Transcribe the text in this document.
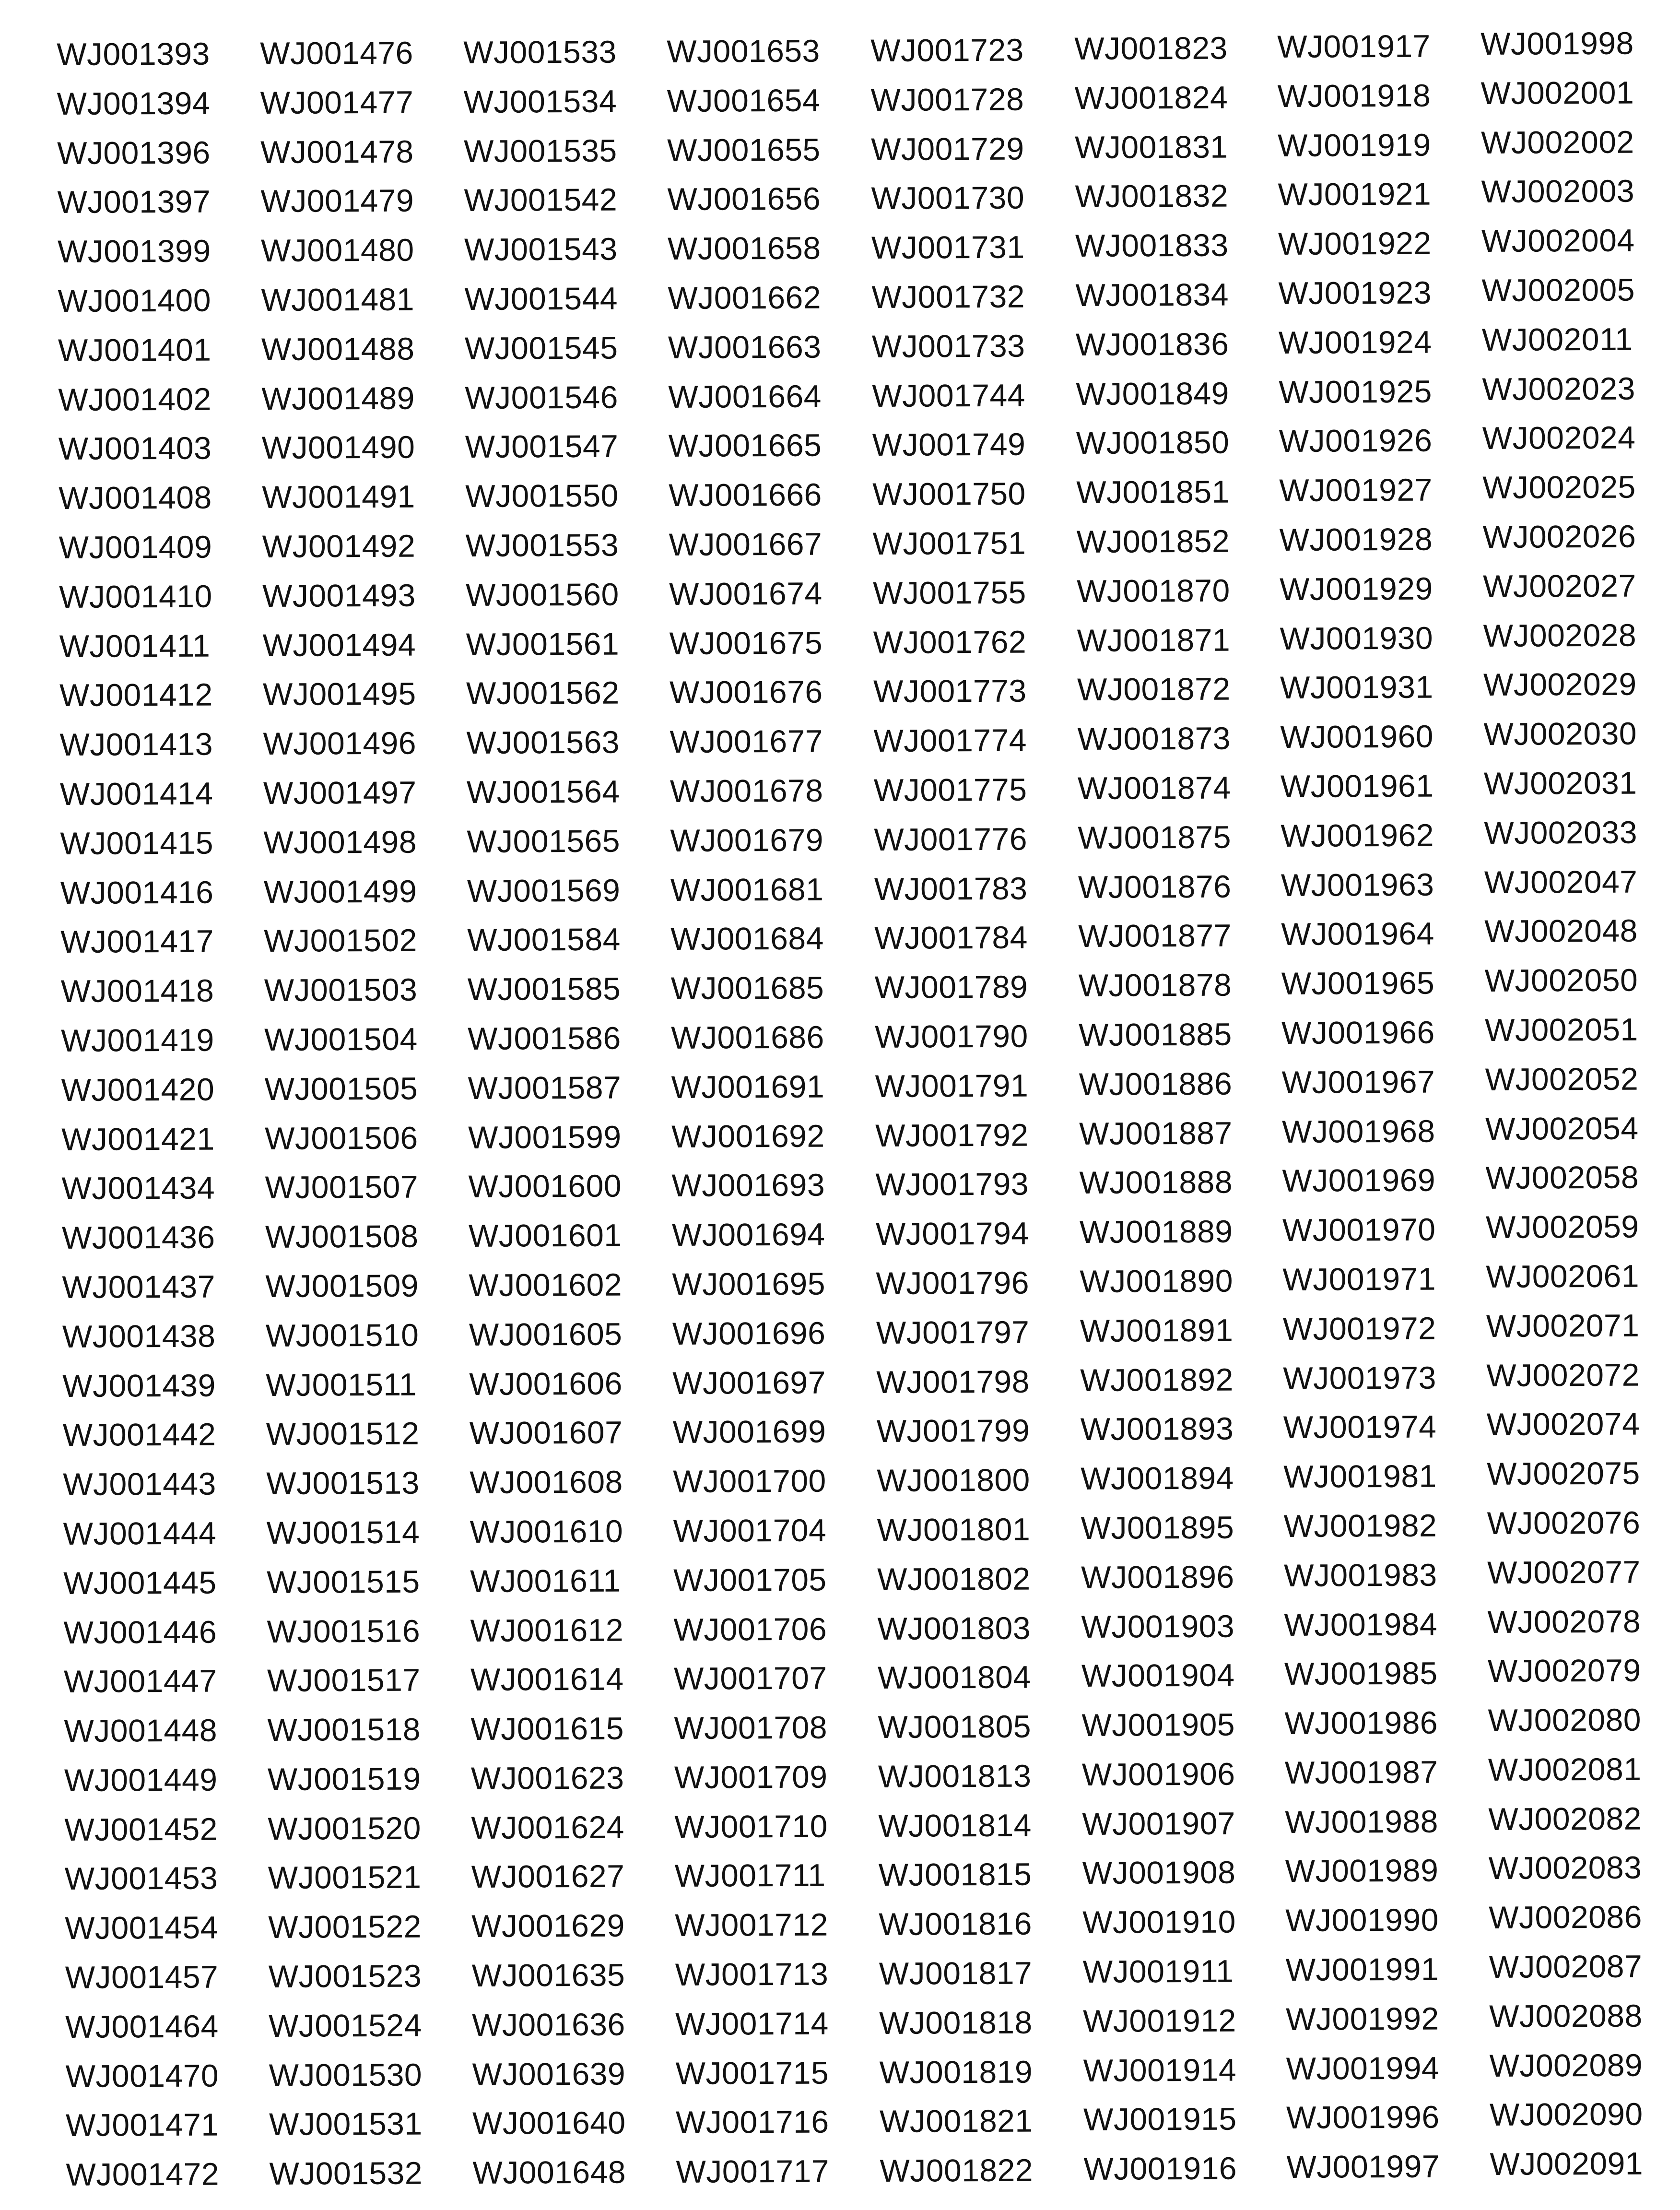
WJ001393
WJ001394
WJ001396
WJ001397
WJ001399
WJ001400
WJ001401
WJ001402
WJ001403
WJ001408
WJ001409
WJ001410
WJ001411
WJ001412
WJ001413
WJ001414
WJ001415
WJ001416
WJ001417
WJ001418
WJ001419
WJ001420
WJ001421
WJ001434
WJ001436
WJ001437
WJ001438
WJ001439
WJ001442
WJ001443
WJ001444
WJ001445
WJ001446
WJ001447
WJ001448
WJ001449
WJ001452
WJ001453
WJ001454
WJ001457
WJ001464
WJ001470
WJ001471
WJ001472
WJ001476
WJ001477
WJ001478
WJ001479
WJ001480
WJ001481
WJ001488
WJ001489
WJ001490
WJ001491
WJ001492
WJ001493
WJ001494
WJ001495
WJ001496
WJ001497
WJ001498
WJ001499
WJ001502
WJ001503
WJ001504
WJ001505
WJ001506
WJ001507
WJ001508
WJ001509
WJ001510
WJ001511
WJ001512
WJ001513
WJ001514
WJ001515
WJ001516
WJ001517
WJ001518
WJ001519
WJ001520
WJ001521
WJ001522
WJ001523
WJ001524
WJ001530
WJ001531
WJ001532
WJ001533
WJ001534
WJ001535
WJ001542
WJ001543
WJ001544
WJ001545
WJ001546
WJ001547
WJ001550
WJ001553
WJ001560
WJ001561
WJ001562
WJ001563
WJ001564
WJ001565
WJ001569
WJ001584
WJ001585
WJ001586
WJ001587
WJ001599
WJ001600
WJ001601
WJ001602
WJ001605
WJ001606
WJ001607
WJ001608
WJ001610
WJ001611
WJ001612
WJ001614
WJ001615
WJ001623
WJ001624
WJ001627
WJ001629
WJ001635
WJ001636
WJ001639
WJ001640
WJ001648
WJ001653
WJ001654
WJ001655
WJ001656
WJ001658
WJ001662
WJ001663
WJ001664
WJ001665
WJ001666
WJ001667
WJ001674
WJ001675
WJ001676
WJ001677
WJ001678
WJ001679
WJ001681
WJ001684
WJ001685
WJ001686
WJ001691
WJ001692
WJ001693
WJ001694
WJ001695
WJ001696
WJ001697
WJ001699
WJ001700
WJ001704
WJ001705
WJ001706
WJ001707
WJ001708
WJ001709
WJ001710
WJ001711
WJ001712
WJ001713
WJ001714
WJ001715
WJ001716
WJ001717
WJ001723
WJ001728
WJ001729
WJ001730
WJ001731
WJ001732
WJ001733
WJ001744
WJ001749
WJ001750
WJ001751
WJ001755
WJ001762
WJ001773
WJ001774
WJ001775
WJ001776
WJ001783
WJ001784
WJ001789
WJ001790
WJ001791
WJ001792
WJ001793
WJ001794
WJ001796
WJ001797
WJ001798
WJ001799
WJ001800
WJ001801
WJ001802
WJ001803
WJ001804
WJ001805
WJ001813
WJ001814
WJ001815
WJ001816
WJ001817
WJ001818
WJ001819
WJ001821
WJ001822
WJ001823
WJ001824
WJ001831
WJ001832
WJ001833
WJ001834
WJ001836
WJ001849
WJ001850
WJ001851
WJ001852
WJ001870
WJ001871
WJ001872
WJ001873
WJ001874
WJ001875
WJ001876
WJ001877
WJ001878
WJ001885
WJ001886
WJ001887
WJ001888
WJ001889
WJ001890
WJ001891
WJ001892
WJ001893
WJ001894
WJ001895
WJ001896
WJ001903
WJ001904
WJ001905
WJ001906
WJ001907
WJ001908
WJ001910
WJ001911
WJ001912
WJ001914
WJ001915
WJ001916
WJ001917
WJ001918
WJ001919
WJ001921
WJ001922
WJ001923
WJ001924
WJ001925
WJ001926
WJ001927
WJ001928
WJ001929
WJ001930
WJ001931
WJ001960
WJ001961
WJ001962
WJ001963
WJ001964
WJ001965
WJ001966
WJ001967
WJ001968
WJ001969
WJ001970
WJ001971
WJ001972
WJ001973
WJ001974
WJ001981
WJ001982
WJ001983
WJ001984
WJ001985
WJ001986
WJ001987
WJ001988
WJ001989
WJ001990
WJ001991
WJ001992
WJ001994
WJ001996
WJ001997
WJ001998
WJ002001
WJ002002
WJ002003
WJ002004
WJ002005
WJ002011
WJ002023
WJ002024
WJ002025
WJ002026
WJ002027
WJ002028
WJ002029
WJ002030
WJ002031
WJ002033
WJ002047
WJ002048
WJ002050
WJ002051
WJ002052
WJ002054
WJ002058
WJ002059
WJ002061
WJ002071
WJ002072
WJ002074
WJ002075
WJ002076
WJ002077
WJ002078
WJ002079
WJ002080
WJ002081
WJ002082
WJ002083
WJ002086
WJ002087
WJ002088
WJ002089
WJ002090
WJ002091
